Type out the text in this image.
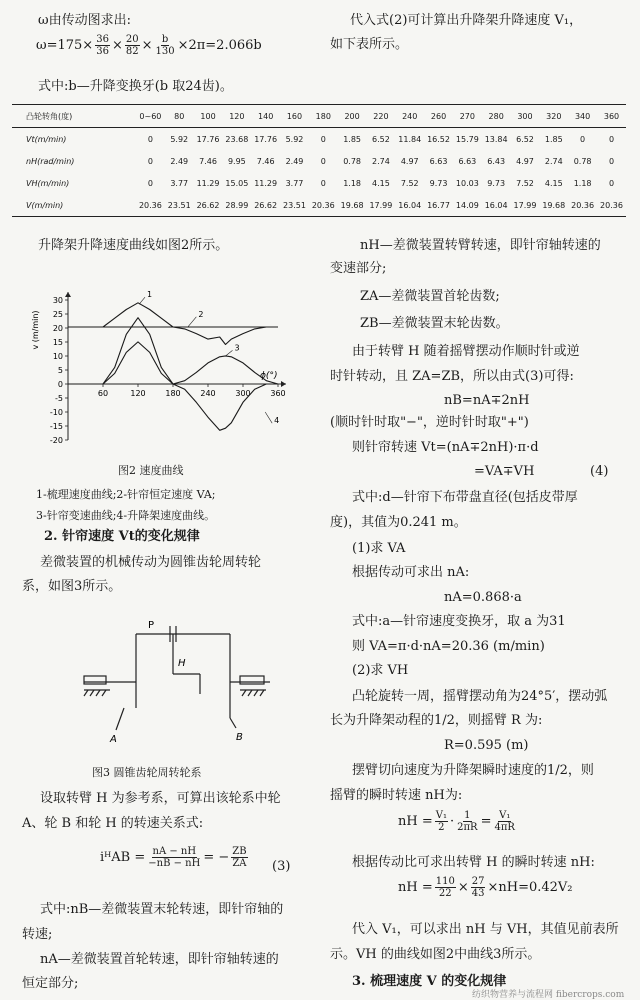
ω由传动图求出:
$\omega=175\times \frac{36}{36} \times \frac{20}{82} \times \frac{b}{130} \times 2\pi=2.066b$
式中:b—升降变换牙(b 取24齿)。
代入式(2)可计算出升降架升降速度 V₁，
如下表所示。
凸轮转角(度)	0~60	80	100	120	140	160	180	200	220	240	260	270	280	300	320	340	360
Vt(m/min)	0	5.92	17.76	23.68	17.76	5.92	0	1.85	6.52	11.84	16.52	15.79	13.84	6.52	1.85	0	0
nH(rad/min)	0	2.49	7.46	9.95	7.46	2.49	0	0.78	2.74	4.97	6.63	6.63	6.43	4.97	2.74	0.78	0
VH(m/min)	0	3.77	11.29	15.05	11.29	3.77	0	1.18	4.15	7.52	9.73	10.03	9.73	7.52	4.15	1.18	0
V(m/min)	20.36	23.51	26.62	28.99	26.62	23.51	20.36	19.68	17.99	16.04	16.77	14.09	16.04	17.99	19.68	20.36	20.36
升降架升降速度曲线如图2所示。
30
25
20
15
10
5
0
-5
-10
-15
-20
v (m/min)
60	120 180 240 300 360
ϕ(°)
1
2
3
4
图2 速度曲线
1-梳理速度曲线;2-针帘恒定速度 VA;
3-针帘变速曲线;4-升降架速度曲线。
2. 针帘速度 Vt的变化规律
差微装置的机械传动为圆锥齿轮周转轮
系，如图3所示。
P
H
A	B
图3 圆锥齿轮周转轮系
设取转臂 H 为参考系，可算出该轮系中轮
A、轮 B 和轮 H 的转速关系式:
iᴴAB = $\frac{nA - nH}{-nB - nH}$ = − $\frac{ZB}{ZA} (3)$
式中:nB—差微装置末轮转速，即针帘轴的
转速;
nA—差微装置首轮转速，即针帘轴转速的
恒定部分;
nH—差微装置转臂转速，即针帘轴转速的
变速部分;
ZA—差微装置首轮齿数;
ZB—差微装置末轮齿数。
由于转臂 H 随着摇臂摆动作顺时针或逆
时针转动，且 ZA=ZB，所以由式(3)可得:
nB=nA∓2nH
(顺时针时取"−"，逆时针时取"+")
则针帘转速 Vt=(nA∓2nH)·π·d
=VA∓VH	(4)
式中:d—针帘下布带盘直径(包括皮带厚
度)，其值为0.241 m。
(1)求 VA
根据传动可求出 nA:
nA=0.868·a
式中:a—针帘速度变换牙，取 a 为31
则 VA=π·d·nA=20.36 (m/min)
(2)求 VH
凸轮旋转一周，摇臂摆动角为24°5′，摆动弧
长为升降架动程的1/2，则摇臂 R 为:
R=0.595 (m)
摆臂切向速度为升降架瞬时速度的1/2，则
摇臂的瞬时转速 nH为:
nH = $\frac{\text{V₁}}{2} \cdot \frac{1}{2\pi R} = \frac{\text{V₁}}{4\pi R}$
根据传动比可求出转臂 H 的瞬时转速 nH:
nH = $\frac{110}{22} \times \frac{27}{43} \times nH=0.42V_2$
代入 V₁，可以求出 nH 与 VH，其值见前表所
示。VH 的曲线如图2中曲线3所示。
3. 梳理速度 V 的变化规律
纺织物营养与流程网 fibercrops.com
